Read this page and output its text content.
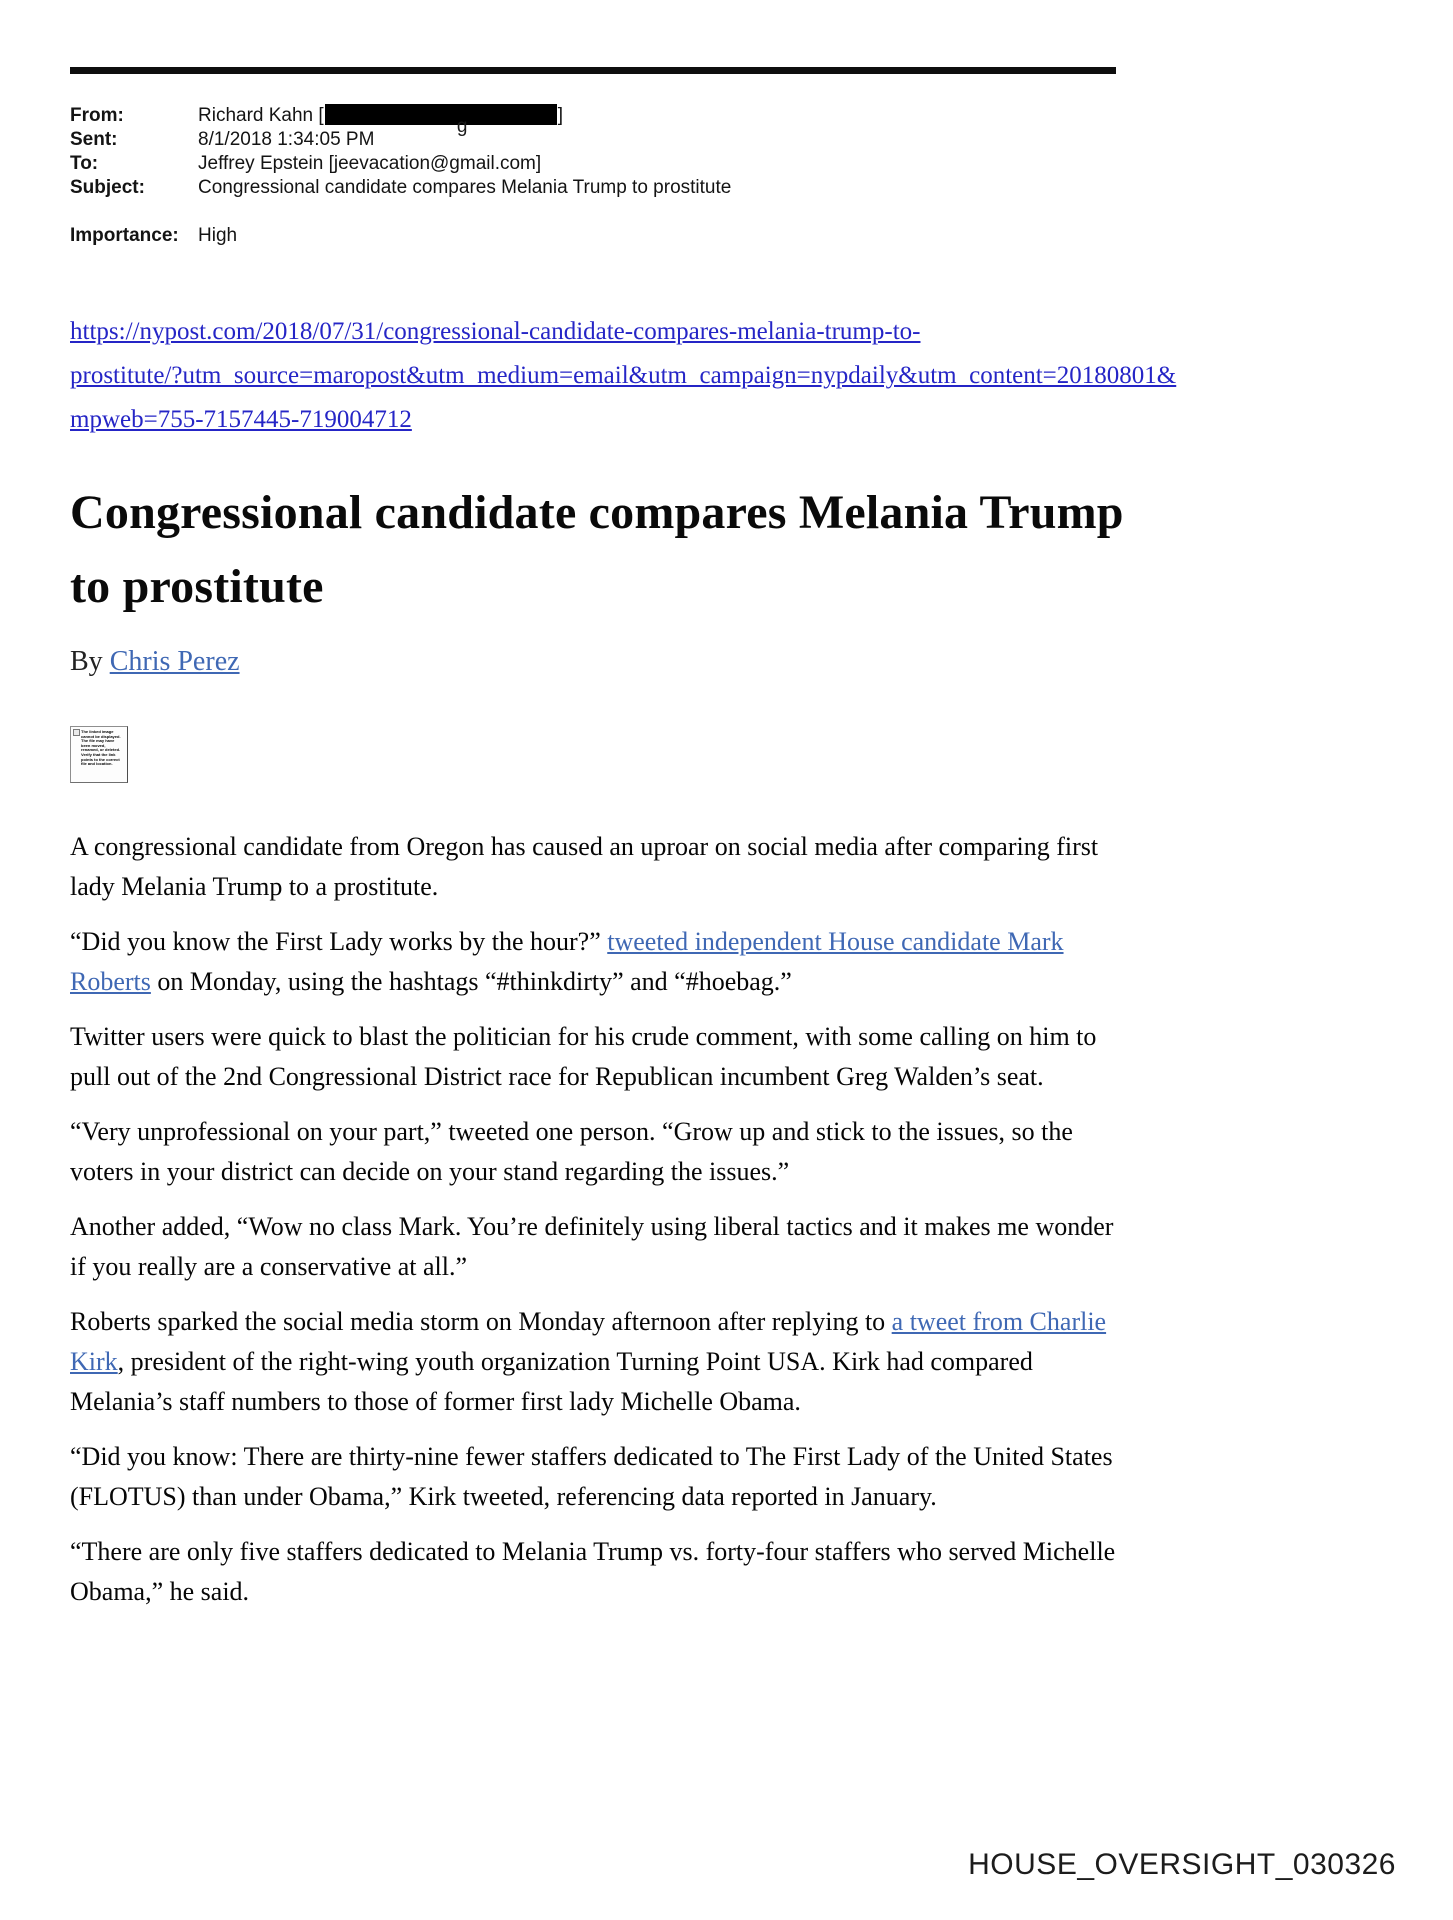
From:	Richard Kahn [
g
]
Sent:	8/1/2018 1:34:05 PM
To:	Jeffrey Epstein [jeevacation@gmail.com]
Subject:	Congressional candidate compares Melania Trump to prostitute
Importance:	High
https://nypost.com/2018/07/31/congressional-candidate-compares-melania-trump-to-
prostitute/?utm_source=maropost&utm_medium=email&utm_campaign=nypdaily&utm_content=20180801&
mpweb=755-7157445-719004712
Congressional candidate compares Melania Trump to prostitute
By Chris Perez
The linked image cannot be displayed. The file may have been moved, renamed, or deleted. Verify that the link points to the correct file and location.

A congressional candidate from Oregon has caused an uproar on social media after comparing first lady Melania Trump to a prostitute.

“Did you know the First Lady works by the hour?” tweeted independent House candidate Mark Roberts on Monday, using the hashtags “#thinkdirty” and “#hoebag.”

Twitter users were quick to blast the politician for his crude comment, with some calling on him to pull out of the 2nd Congressional District race for Republican incumbent Greg Walden’s seat.

“Very unprofessional on your part,” tweeted one person. “Grow up and stick to the issues, so the voters in your district can decide on your stand regarding the issues.”

Another added, “Wow no class Mark. You’re definitely using liberal tactics and it makes me wonder if you really are a conservative at all.”

Roberts sparked the social media storm on Monday afternoon after replying to a tweet from Charlie Kirk, president of the right-wing youth organization Turning Point USA. Kirk had compared Melania’s staff numbers to those of former first lady Michelle Obama.

“Did you know: There are thirty-nine fewer staffers dedicated to The First Lady of the United States (FLOTUS) than under Obama,” Kirk tweeted, referencing data reported in January.

“There are only five staffers dedicated to Melania Trump vs. forty-four staffers who served Michelle Obama,” he said.

HOUSE_OVERSIGHT_030326
